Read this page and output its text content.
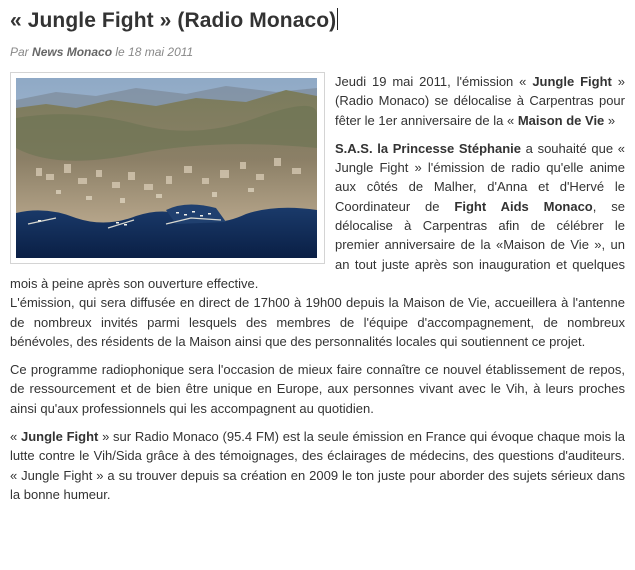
« Jungle Fight » (Radio Monaco)
Par News Monaco le 18 mai 2011

Jeudi 19 mai 2011, l'émission « Jungle Fight » (Radio Monaco) se délocalise à Carpentras pour fêter le 1er anniversaire de la « Maison de Vie »

S.A.S. la Princesse Stéphanie a souhaité que « Jungle Fight » l'émission de radio qu'elle anime aux côtés de Malher, d'Anna et d'Hervé le Coordinateur de Fight Aids Monaco, se délocalise à Carpentras afin de célébrer le premier anniversaire de la «Maison de Vie », un an tout juste après son inauguration et quelques mois à peine après son ouverture effective.

L'émission, qui sera diffusée en direct de 17h00 à 19h00 depuis la Maison de Vie, accueillera à l'antenne de nombreux invités parmi lesquels des membres de l'équipe d'accompagnement, de nombreux bénévoles, des résidents de la Maison ainsi que des personnalités locales qui soutiennent ce projet.

Ce programme radiophonique sera l'occasion de mieux faire connaître ce nouvel établissement de repos, de ressourcement et de bien être unique en Europe, aux personnes vivant avec le Vih, à leurs proches ainsi qu'aux professionnels qui les accompagnent au quotidien.

« Jungle Fight » sur Radio Monaco (95.4 FM) est la seule émission en France qui évoque chaque mois la lutte contre le Vih/Sida grâce à des témoignages, des éclairages de médecins, des questions d'auditeurs. « Jungle Fight » a su trouver depuis sa création en 2009 le ton juste pour aborder des sujets sérieux dans la bonne humeur.
